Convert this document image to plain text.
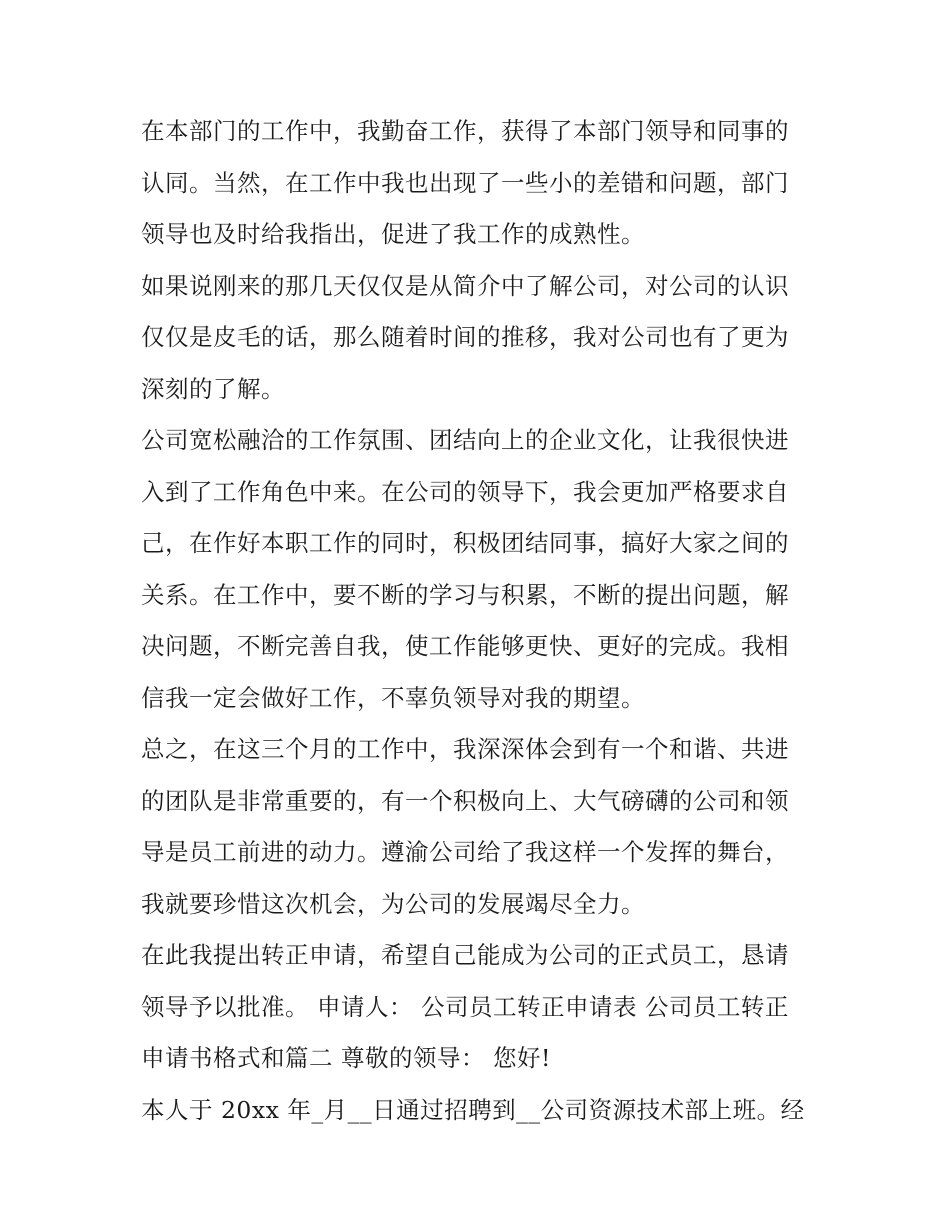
在本部门的工作中，我勤奋工作，获得了本部门领导和同事的
认同。当然，在工作中我也出现了一些小的差错和问题，部门
领导也及时给我指出，促进了我工作的成熟性。
如果说刚来的那几天仅仅是从简介中了解公司，对公司的认识
仅仅是皮毛的话，那么随着时间的推移，我对公司也有了更为
深刻的了解。
公司宽松融洽的工作氛围、团结向上的企业文化，让我很快进
入到了工作角色中来。在公司的领导下，我会更加严格要求自
己，在作好本职工作的同时，积极团结同事，搞好大家之间的
关系。在工作中，要不断的学习与积累，不断的提出问题，解
决问题，不断完善自我，使工作能够更快、更好的完成。我相
信我一定会做好工作，不辜负领导对我的期望。
总之，在这三个月的工作中，我深深体会到有一个和谐、共进
的团队是非常重要的，有一个积极向上、大气磅礴的公司和领
导是员工前进的动力。遵渝公司给了我这样一个发挥的舞台，
我就要珍惜这次机会，为公司的发展竭尽全力。
在此我提出转正申请，希望自己能成为公司的正式员工，恳请
领导予以批准。 申请人： 公司员工转正申请表 公司员工转正
申请书格式和篇二 尊敬的领导： 您好!
本人于 20xx 年_月__日通过招聘到__公司资源技术部上班。经
